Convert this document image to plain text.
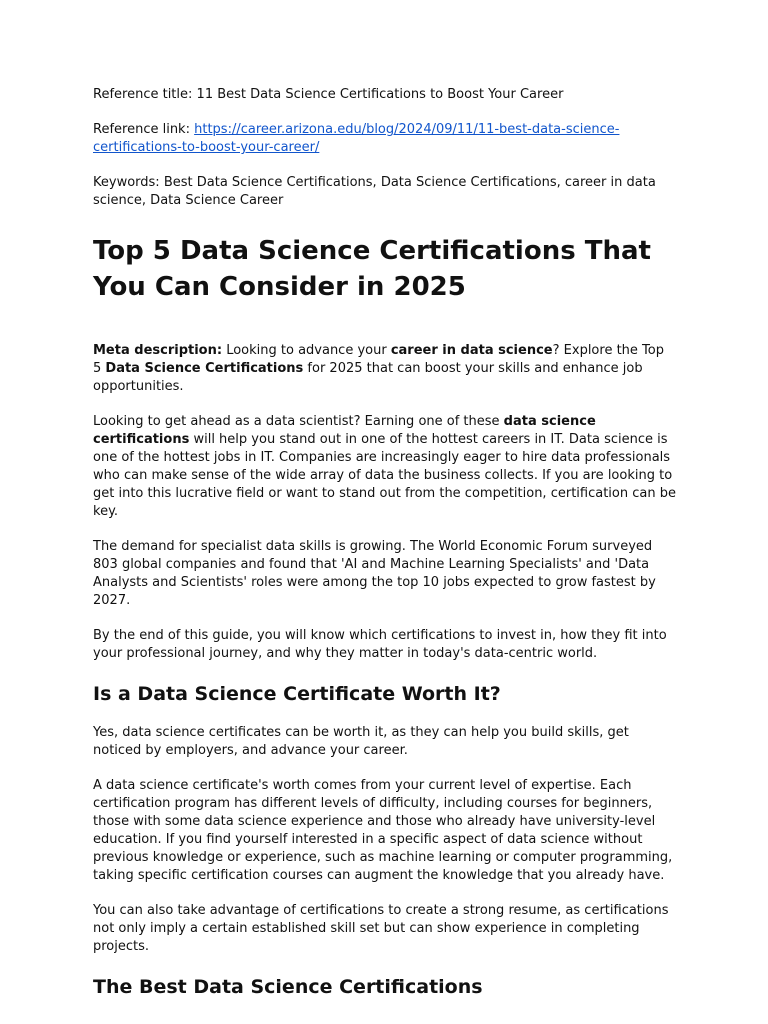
Reference title: 11 Best Data Science Certifications to Boost Your Career

Reference link: https://career.arizona.edu/blog/2024/09/11/11-best-data-science-
certifications-to-boost-your-career/

Keywords: Best Data Science Certifications, Data Science Certifications, career in data science, Data Science Career

Top 5 Data Science Certifications That You Can Consider in 2025

Meta description: Looking to advance your career in data science? Explore the Top 5 Data Science Certifications for 2025 that can boost your skills and enhance job opportunities.

Looking to get ahead as a data scientist? Earning one of these data science certifications will help you stand out in one of the hottest careers in IT. Data science is one of the hottest jobs in IT. Companies are increasingly eager to hire data professionals who can make sense of the wide array of data the business collects. If you are looking to get into this lucrative field or want to stand out from the competition, certification can be key.

The demand for specialist data skills is growing. The World Economic Forum surveyed 803 global companies and found that 'AI and Machine Learning Specialists' and 'Data Analysts and Scientists' roles were among the top 10 jobs expected to grow fastest by 2027.

By the end of this guide, you will know which certifications to invest in, how they fit into your professional journey, and why they matter in today's data-centric world.

Is a Data Science Certificate Worth It?

Yes, data science certificates can be worth it, as they can help you build skills, get noticed by employers, and advance your career.

A data science certificate's worth comes from your current level of expertise. Each certification program has different levels of difficulty, including courses for beginners, those with some data science experience and those who already have university-level education. If you find yourself interested in a specific aspect of data science without previous knowledge or experience, such as machine learning or computer programming, taking specific certification courses can augment the knowledge that you already have.

You can also take advantage of certifications to create a strong resume, as certifications not only imply a certain established skill set but can show experience in completing projects.

The Best Data Science Certifications
